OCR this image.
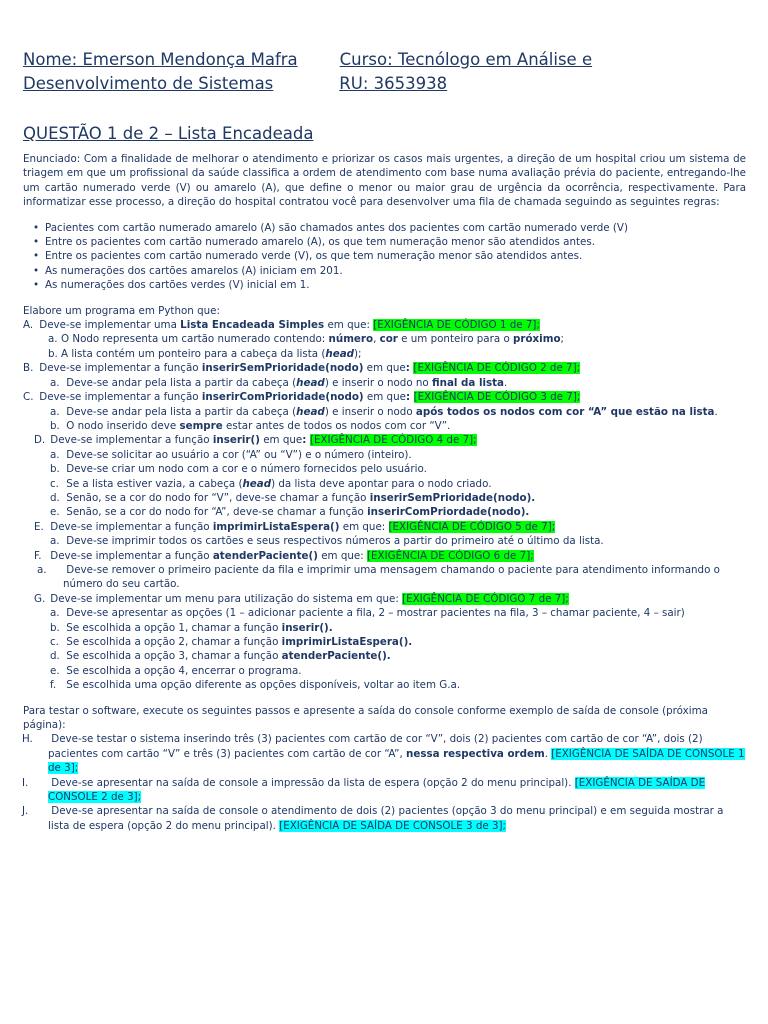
Nome: Emerson Mendonça Mafra	Curso: Tecnólogo em Análise e
Desenvolvimento de Sistemas	RU: 3653938
QUESTÃO 1 de 2 – Lista Encadeada

Enunciado: Com a finalidade de melhorar o atendimento e priorizar os casos mais urgentes, a direção de um hospital criou um sistema de triagem em que um profissional da saúde classifica a ordem de atendimento com base numa avaliação prévia do paciente, entregando-lhe um cartão numerado verde (V) ou amarelo (A), que define o menor ou maior grau de urgência da ocorrência, respectivamente. Para informatizar esse processo, a direção do hospital contratou você para desenvolver uma fila de chamada seguindo as seguintes regras:

• Pacientes com cartão numerado amarelo (A) são chamados antes dos pacientes com cartão numerado verde (V)
• Entre os pacientes com cartão numerado amarelo (A), os que tem numeração menor são atendidos antes.
• Entre os pacientes com cartão numerado verde (V), os que tem numeração menor são atendidos antes.
• As numerações dos cartões amarelos (A) iniciam em 201.
• As numerações dos cartões verdes (V) inicial em 1.

Elabore um programa em Python que:

A. Deve-se implementar uma Lista Encadeada Simples em que: [EXIGÊNCIA DE CÓDIGO 1 de 7];
a. O Nodo representa um cartão numerado contendo: número, cor e um ponteiro para o próximo;
b. A lista contém um ponteiro para a cabeça da lista (head);
B. Deve-se implementar a função inserirSemPrioridade(nodo) em que: [EXIGÊNCIA DE CÓDIGO 2 de 7];
a. Deve-se andar pela lista a partir da cabeça (head) e inserir o nodo no final da lista.
C. Deve-se implementar a função inserirComPrioridade(nodo) em que: [EXIGÊNCIA DE CÓDIGO 3 de 7];
a. Deve-se andar pela lista a partir da cabeça (head) e inserir o nodo após todos os nodos com cor “A” que estão na lista.
b. O nodo inserido deve sempre estar antes de todos os nodos com cor “V”.
D. Deve-se implementar a função inserir() em que: [EXIGÊNCIA DE CÓDIGO 4 de 7];
a. Deve-se solicitar ao usuário a cor (“A” ou “V”) e o número (inteiro).
b. Deve-se criar um nodo com a cor e o número fornecidos pelo usuário.
c. Se a lista estiver vazia, a cabeça (head) da lista deve apontar para o nodo criado.
d. Senão, se a cor do nodo for “V”, deve-se chamar a função inserirSemPrioridade(nodo).
e. Senão, se a cor do nodo for “A”, deve-se chamar a função inserirComPriordade(nodo).
E. Deve-se implementar a função imprimirListaEspera() em que: [EXIGÊNCIA DE CÓDIGO 5 de 7];
a. Deve-se imprimir todos os cartões e seus respectivos números a partir do primeiro até o último da lista.
F. Deve-se implementar a função atenderPaciente() em que: [EXIGÊNCIA DE CÓDIGO 6 de 7];
a. Deve-se remover o primeiro paciente da fila e imprimir uma mensagem chamando o paciente para atendimento informando o número do seu cartão.
G. Deve-se implementar um menu para utilização do sistema em que: [EXIGÊNCIA DE CÓDIGO 7 de 7];
a. Deve-se apresentar as opções (1 – adicionar paciente a fila, 2 – mostrar pacientes na fila, 3 – chamar paciente, 4 – sair)
b. Se escolhida a opção 1, chamar a função inserir().
c. Se escolhida a opção 2, chamar a função imprimirListaEspera().
d. Se escolhida a opção 3, chamar a função atenderPaciente().
e. Se escolhida a opção 4, encerrar o programa.
f. Se escolhida uma opção diferente as opções disponíveis, voltar ao item G.a.

Para testar o software, execute os seguintes passos e apresente a saída do console conforme exemplo de saída de console (próxima página):

H. Deve-se testar o sistema inserindo três (3) pacientes com cartão de cor “V”, dois (2) pacientes com cartão de cor “A”, dois (2) pacientes com cartão “V” e três (3) pacientes com cartão de cor “A”, nessa respectiva ordem. [EXIGÊNCIA DE SAÍDA DE CONSOLE 1 de 3];
I. Deve-se apresentar na saída de console a impressão da lista de espera (opção 2 do menu principal). [EXIGÊNCIA DE SAÍDA DE CONSOLE 2 de 3];
J. Deve-se apresentar na saída de console o atendimento de dois (2) pacientes (opção 3 do menu principal) e em seguida mostrar a lista de espera (opção 2 do menu principal). [EXIGÊNCIA DE SAÍDA DE CONSOLE 3 de 3];
